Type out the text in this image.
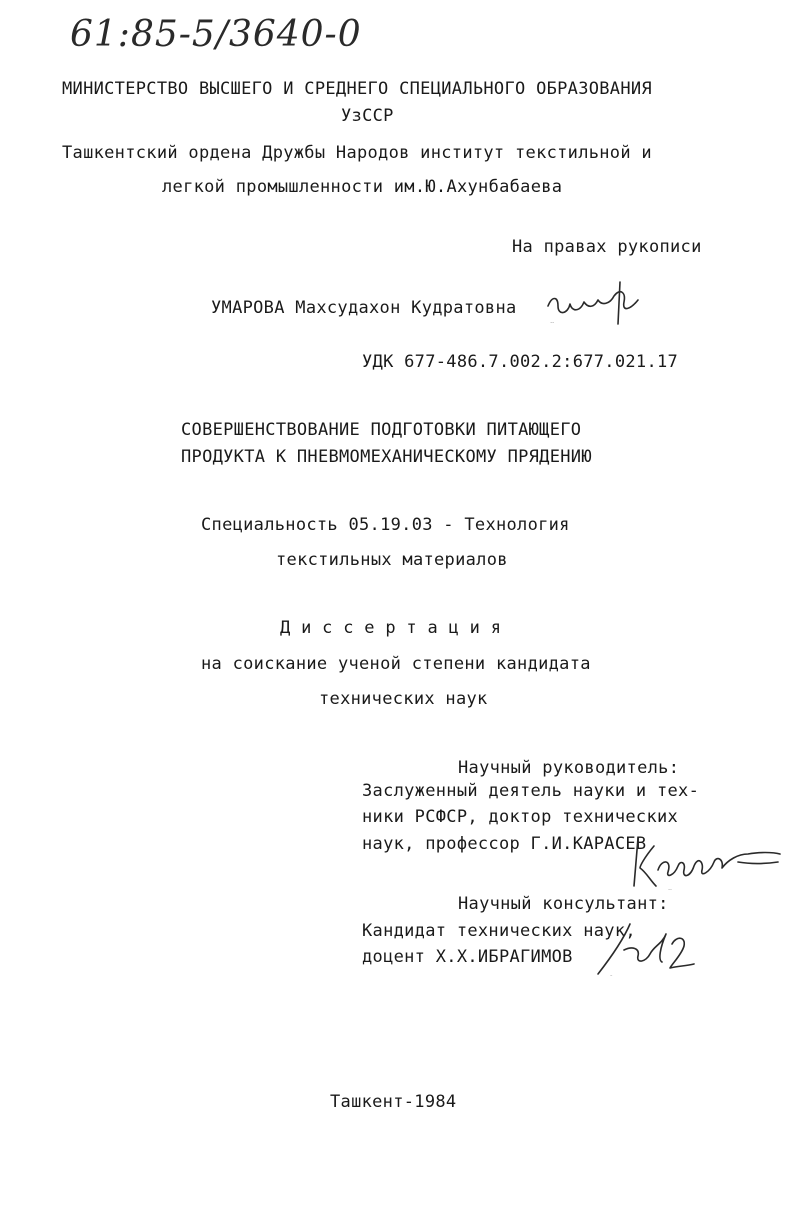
61:85-5/3640-0
МИНИСТЕРСТВО ВЫСШЕГО И СРЕДНЕГО СПЕЦИАЛЬНОГО ОБРАЗОВАНИЯ
УзССР
Ташкентский ордена Дружбы Народов институт текстильной и
легкой промышленности им.Ю.Ахунбабаева
На правах рукописи
УМАРОВА Махсудахон Кудратовна
Умароб
УДК 677-486.7.002.2:677.021.17
СОВЕРШЕНСТВОВАНИЕ ПОДГОТОВКИ ПИТАЮЩЕГО
ПРОДУКТА К ПНЕВМОМЕХАНИЧЕСКОМУ ПРЯДЕНИЮ
Специальность 05.19.03 - Технология
текстильных материалов
Д и с с е р т а ц и я
на соискание ученой степени кандидата
технических наук
Научный руководитель:
Заслуженный деятель науки и тех-
ники РСФСР, доктор технических
наук, профессор Г.И.КАРАСЕВ
Караев
Научный консультант:
Кандидат технических наук,
доцент Х.Х.ИБРАГИМОВ
Ибр
Ташкент-1984
